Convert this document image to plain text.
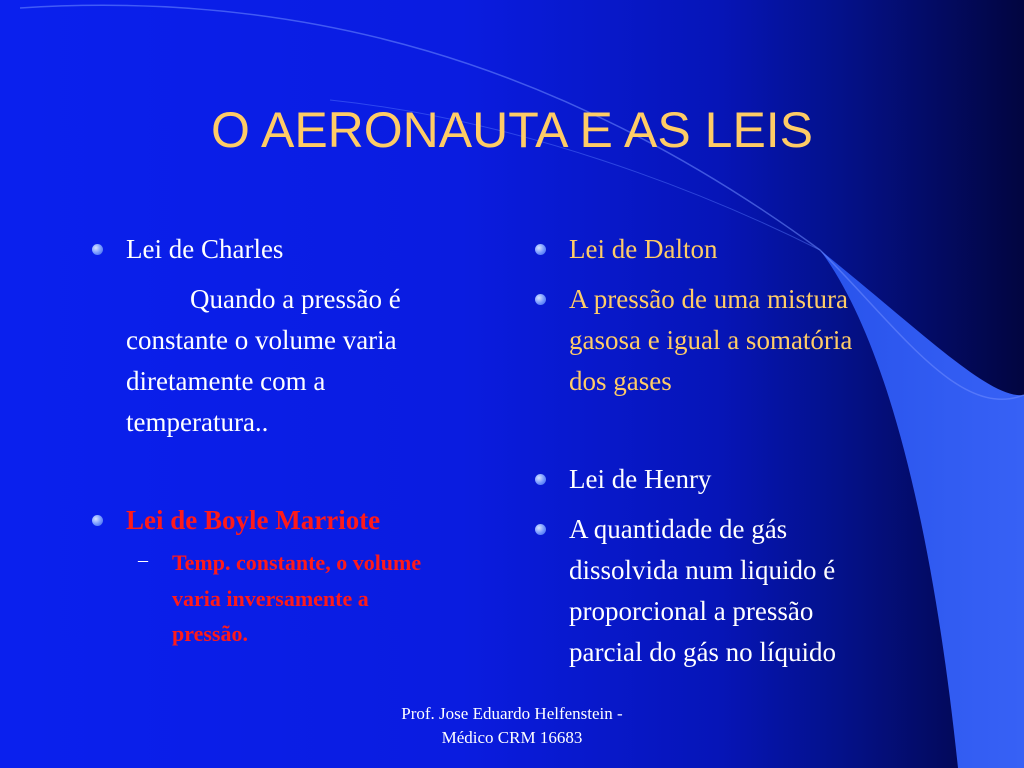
O AERONAUTA E AS LEIS
Lei de Charles
Quando a pressão é
constante o volume varia
diretamente com a
temperatura..
Lei de Boyle Marriote
– Temp. constante, o volume
varia inversamente a
pressão.
Lei de Dalton
A pressão de uma mistura
gasosa e igual a somatória
dos gases
Lei de Henry
A quantidade de gás
dissolvida num liquido é
proporcional a pressão
parcial do gás no líquido
Prof. Jose Eduardo Helfenstein -
Médico CRM 16683
